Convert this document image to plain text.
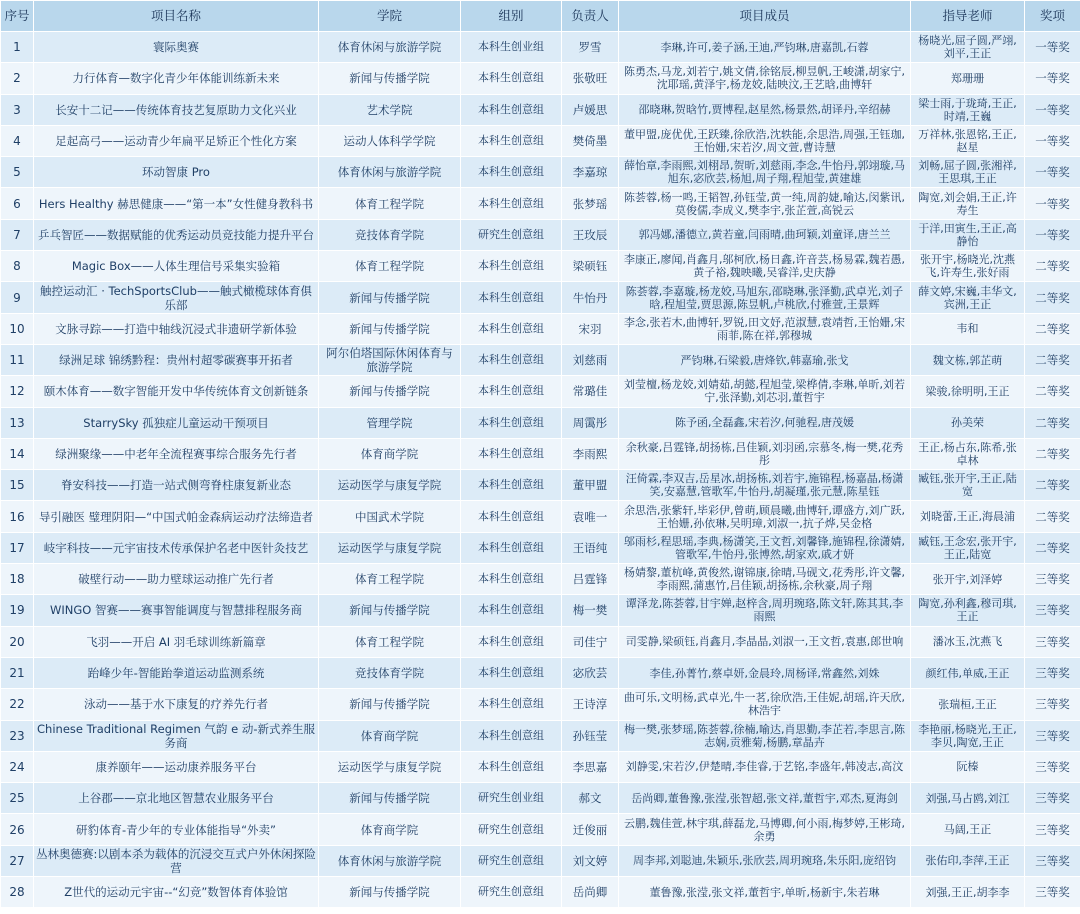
序号	项目名称	学院	组别	负责人	项目成员	指导老师	奖项
1	寰际奥赛	体育休闲与旅游学院	本科生创业组	罗雪	李琳,许可,姜子涵,王迪,严钧琳,唐嘉凯,石蓉	杨晓光,屈子圆,严翊,刘平,王正	一等奖
2	力行体育—数字化青少年体能训练新未来	新闻与传播学院	本科生创意组	张敬旺	陈勇杰,马龙,刘若宁,姚文倩,徐铭辰,柳昱帆,王峻潇,胡家宁,沈耶瑶,黄泽宇,杨龙姣,陆映汶,王艺晗,曲博轩	郑珊珊	一等奖
3	长安十二记——传统体育技艺复原助力文化兴业	艺术学院	本科生创意组	卢媛思	邵晓琳,贺晗竹,贾博程,赵星然,杨景然,胡译丹,辛绍赫	梁士雨,于珑琦,王正,时靖,王巍	一等奖
4	足起高弓——运动青少年扁平足矫正个性化方案	运动人体科学学院	本科生创意组	樊倚墨	董甲盟,庞优优,王跃臻,徐欣浩,沈轶能,余思浩,周强,王钰珈,王怡姗,宋若汐,周文萱,曹诗慧	万祥林,张恩铭,王正,赵星	一等奖
5	环动智康 Pro	体育休闲与旅游学院	本科生创意组	李嘉琼	薛怡章,李雨熙,刘栩昂,贺昕,刘慈雨,李念,牛怡丹,郭翊璇,马旭东,宓欣芸,杨旭,周子翔,程旭莹,黄建雄	刘畅,屈子圆,张湘祥,王思琪,王正	一等奖
6	Hers Healthy 赫思健康——“第一本”女性健身教科书	体育工程学院	本科生创意组	张梦瑶	陈荟蓉,杨一鸣,王韬智,孙钰莹,黄一纯,周韵婕,喻达,闵紫讯,莫俊儒,李成义,樊李宇,张芷萱,高锐云	陶宽,刘会娟,王正,许寿生	一等奖
7	乒乓智匠——数据赋能的优秀运动员竞技能力提升平台	竞技体育学院	研究生创意组	王玫辰	郭冯娜,潘德立,黄若童,闫雨晴,曲珂颖,刘童译,唐兰兰	于洋,田寅生,王正,高静怡	一等奖
8	Magic Box——人体生理信号采集实验箱	体育工程学院	本科生创意组	梁硕钰	李康正,廖闻,肖鑫月,邬柯欣,杨日鑫,许音芸,杨易霖,魏若愚,黄子裕,魏映曦,吴睿洋,史庆静	张开宇,杨晓光,沈燕飞,许寿生,张好雨	二等奖
9	触控运动汇 · TechSportsClub——触式橄榄球体育俱乐部	新闻与传播学院	本科生创意组	牛怡丹	陈荟蓉,李嘉璇,杨龙姣,马旭东,邵晓琳,张泽勤,武卓光,刘子晗,程旭莹,贾思源,陈昱帆,卢桃欣,付雅萱,王景辉	薛文婷,宋巍,丰华文,宾洲,王正	二等奖
10	文脉寻踪——打造中轴线沉浸式非遗研学新体验	新闻与传播学院	本科生创意组	宋羽	李念,张若木,曲博轩,罗锐,田文妤,范淑慧,袁靖哲,王怡姗,宋雨菲,陈在祥,郭穆城	韦和	二等奖
11	绿洲足球 锦绣黔程：贵州村超零碳赛事开拓者	阿尔伯塔国际休闲体育与旅游学院	本科生创意组	刘慈雨	严钧琳,石梁毅,唐烽钦,韩嘉瑜,张戈	魏文栋,郭芷萌	二等奖
12	颐木体育——数字智能开发中华传统体育文创新链条	新闻与传播学院	本科生创意组	常璐佳	刘莹檀,杨龙姣,刘婧茹,胡懿,程旭莹,梁桦倩,李琳,单昕,刘若宁,张泽勤,刘芯羽,董哲宇	梁骏,徐明明,王正	二等奖
13	StarrySky 孤独症儿童运动干预项目	管理学院	本科生创意组	周霭彤	陈予函,全磊鑫,宋若汐,何驰程,唐茂媛	孙美荣	二等奖
14	绿洲聚缘——中老年全流程赛事综合服务先行者	体育商学院	本科生创意组	李雨熙	余秋豪,吕霆锋,胡扬栋,吕佳颖,刘羽函,宗慕冬,梅一樊,花秀彤	王正,杨占东,陈希,张卓林	二等奖
15	脊安科技——打造一站式侧弯脊柱康复新业态	运动医学与康复学院	本科生创意组	董甲盟	汪倚霖,李双吉,岳星冰,胡扬栋,刘若宇,施锦程,杨嘉晶,杨潇笑,安嘉慧,管歌军,牛怡丹,胡凝瑾,张元慧,陈星钰	臧钰,张开宇,王正,陆宽	二等奖
16	导引融医 璧理阴阳—“中国式帕金森病运动疗法缔造者	中国武术学院	本科生创意组	袁唯一	余思浩,张紫轩,毕彩伊,曾萌,顾晨曦,曲博轩,谭盛方,刘广跃,王怡姗,孙依琳,吴明璋,刘淑一,抗子烨,吴金格	刘晓蕾,王正,海晨浦	二等奖
17	岐宇科技——元宇宙技术传承保护名老中医针灸技艺	运动医学与康复学院	本科生创意组	王语纯	邬雨杉,程思瑶,李典,杨潇笑,王文哲,刘馨锋,施锦程,徐潇婧,管歌军,牛怡丹,张博然,胡家欢,戚才妍	臧钰,王念宏,张开宇,王正,陆宽	二等奖
18	破壁行动——助力壁球运动推广先行者	体育工程学院	本科生创意组	吕霆锋	杨婧黎,董杭峰,黄俊然,谢锦康,徐晴,马砚文,花秀彤,许文馨,李雨熙,蒲惠竹,吕佳颖,胡扬栋,余秋豪,周子翔	张开宇,刘泽婷	三等奖
19	WINGO 智赛——赛事智能调度与智慧排程服务商	新闻与传播学院	本科生创意组	梅一樊	谭泽龙,陈荟蓉,甘宇婵,赵梓含,周玥琬珞,陈文轩,陈其其,李雨熙	陶宽,孙利鑫,穆司琪,王正	三等奖
20	飞羽——开启 AI 羽毛球训练新篇章	体育工程学院	本科生创意组	司佳宁	司雯静,梁硕钰,肖鑫月,李晶晶,刘淑一,王文哲,袁惠,郎世响	潘冰玉,沈燕飞	三等奖
21	跆峰少年-智能跆拳道运动监测系统	竞技体育学院	本科生创意组	宓欣芸	李佳,孙菁竹,蔡卓妍,金晨玲,周杨译,常鑫然,刘姝	颜红伟,单威,王正	三等奖
22	泳动——基于水下康复的疗养先行者	新闻与传播学院	本科生创意组	王诗淳	曲可乐,文明杨,武卓光,牛一茗,徐欣浩,王佳妮,胡瑶,许天欣,林浩宇	张瑞桓,王正	三等奖
23	Chinese Traditional Regimen 气韵 e 动-新式养生服务商	体育商学院	本科生创意组	孙钰莹	梅一樊,张梦瑶,陈荟蓉,徐楠,喻达,肖思勤,李芷若,李思言,陈志娴,贡雅菊,杨鹏,章晶卉	李艳丽,杨晓光,王正,李贝,陶宽,王正	三等奖
24	康养颐年——运动康养服务平台	运动医学与康复学院	本科生创意组	李思嘉	刘静雯,宋若汐,伊楚晴,李佳睿,于艺铭,李盛年,韩凌志,高汶	阮榛	三等奖
25	上谷郡——京北地区智慧农业服务平台	新闻与传播学院	研究生创业组	郝文	岳尚卿,董鲁豫,张滢,张智超,张文祥,董哲宇,邓杰,夏海剑	刘强,马占鸥,刘江	三等奖
26	研豹体育-青少年的专业体能指导“外卖”	体育商学院	研究生创意组	迁俊丽	云鹏,魏佳萱,林宇琪,薛磊龙,马博卿,何小雨,梅梦婷,王彬琦,余勇	马阔,王正	三等奖
27	丛林奥德赛:以剧本杀为载体的沉浸交互式户外休闲探险营	体育休闲与旅游学院	研究生创意组	刘文婷	周李邦,刘聪迪,朱颖乐,张欣芸,周玥琬珞,朱乐阳,庞绍钧	张佑印,李萍,王正	三等奖
28	Z世代的运动元宇宙--“幻竞”数智体育体验馆	新闻与传播学院	研究生创意组	岳尚卿	董鲁豫,张滢,张文祥,董哲宇,单昕,杨新宇,朱若琳	刘强,王正,胡李李	三等奖
